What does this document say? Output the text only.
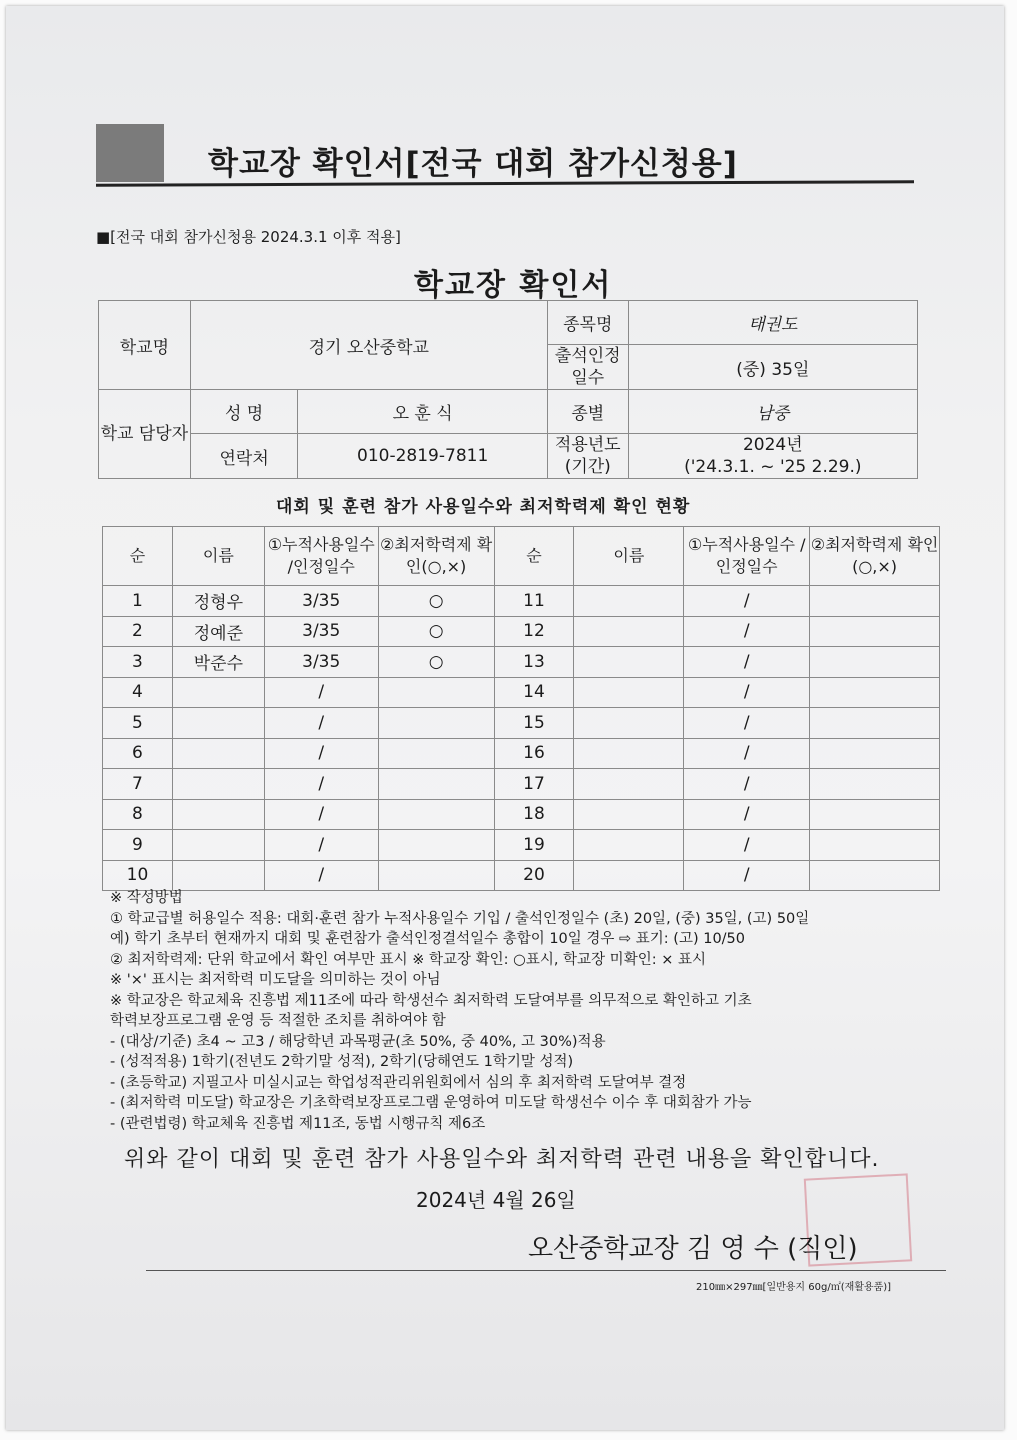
학교장 확인서[전국 대회 참가신청용]
■[전국 대회 참가신청용 2024.3.1 이후 적용]
학교장 확인서
학교명	경기 오산중학교		종목명	태권도
			출석인정 일수	(중) 35일
학교 담당자	성 명	오 훈 식	종별	남중
	연락처	010-2819-7811	적용년도 (기간)	2024년
('24.3.1. ~ '25 2.29.)
대회 및 훈련 참가 사용일수와 최저학력제 확인 현황
순	이름	①누적사용일수 /인정일수	②최저학력제 확인(○,×)	순	이름	①누적사용일수 /인정일수	②최저학력제 확인(○,×)
1	정형우	3/35	○	11		/	
2	정예준	3/35	○	12		/	
3	박준수	3/35	○	13		/	
4		/		14		/	
5		/		15		/	
6		/		16		/	
7		/		17		/	
8		/		18		/	
9		/		19		/	
10		/		20		/	
※ 작성방법
① 학교급별 허용일수 적용: 대회·훈련 참가 누적사용일수 기입 / 출석인정일수 (초) 20일, (중) 35일, (고) 50일
예) 학기 초부터 현재까지 대회 및 훈련참가 출석인정결석일수 총합이 10일 경우 ⇨ 표기: (고) 10/50
② 최저학력제: 단위 학교에서 확인 여부만 표시 ※ 학교장 확인: ○표시, 학교장 미확인: × 표시
※ '×' 표시는 최저학력 미도달을 의미하는 것이 아님
※ 학교장은 학교체육 진흥법 제11조에 따라 학생선수 최저학력 도달여부를 의무적으로 확인하고 기초
학력보장프로그램 운영 등 적절한 조치를 취하여야 함
- (대상/기준) 초4 ~ 고3 / 해당학년 과목평균(초 50%, 중 40%, 고 30%)적용
- (성적적용) 1학기(전년도 2학기말 성적), 2학기(당해연도 1학기말 성적)
- (초등학교) 지필고사 미실시교는 학업성적관리위원회에서 심의 후 최저학력 도달여부 결정
- (최저학력 미도달) 학교장은 기초학력보장프로그램 운영하여 미도달 학생선수 이수 후 대회참가 가능
- (관련법령) 학교체육 진흥법 제11조, 동법 시행규칙 제6조
위와 같이 대회 및 훈련 참가 사용일수와 최저학력 관련 내용을 확인합니다.
2024년 4월 26일
오산중학교장 김 영 수 (직인)
210㎜×297㎜[일반용지 60g/㎡(재활용품)]
